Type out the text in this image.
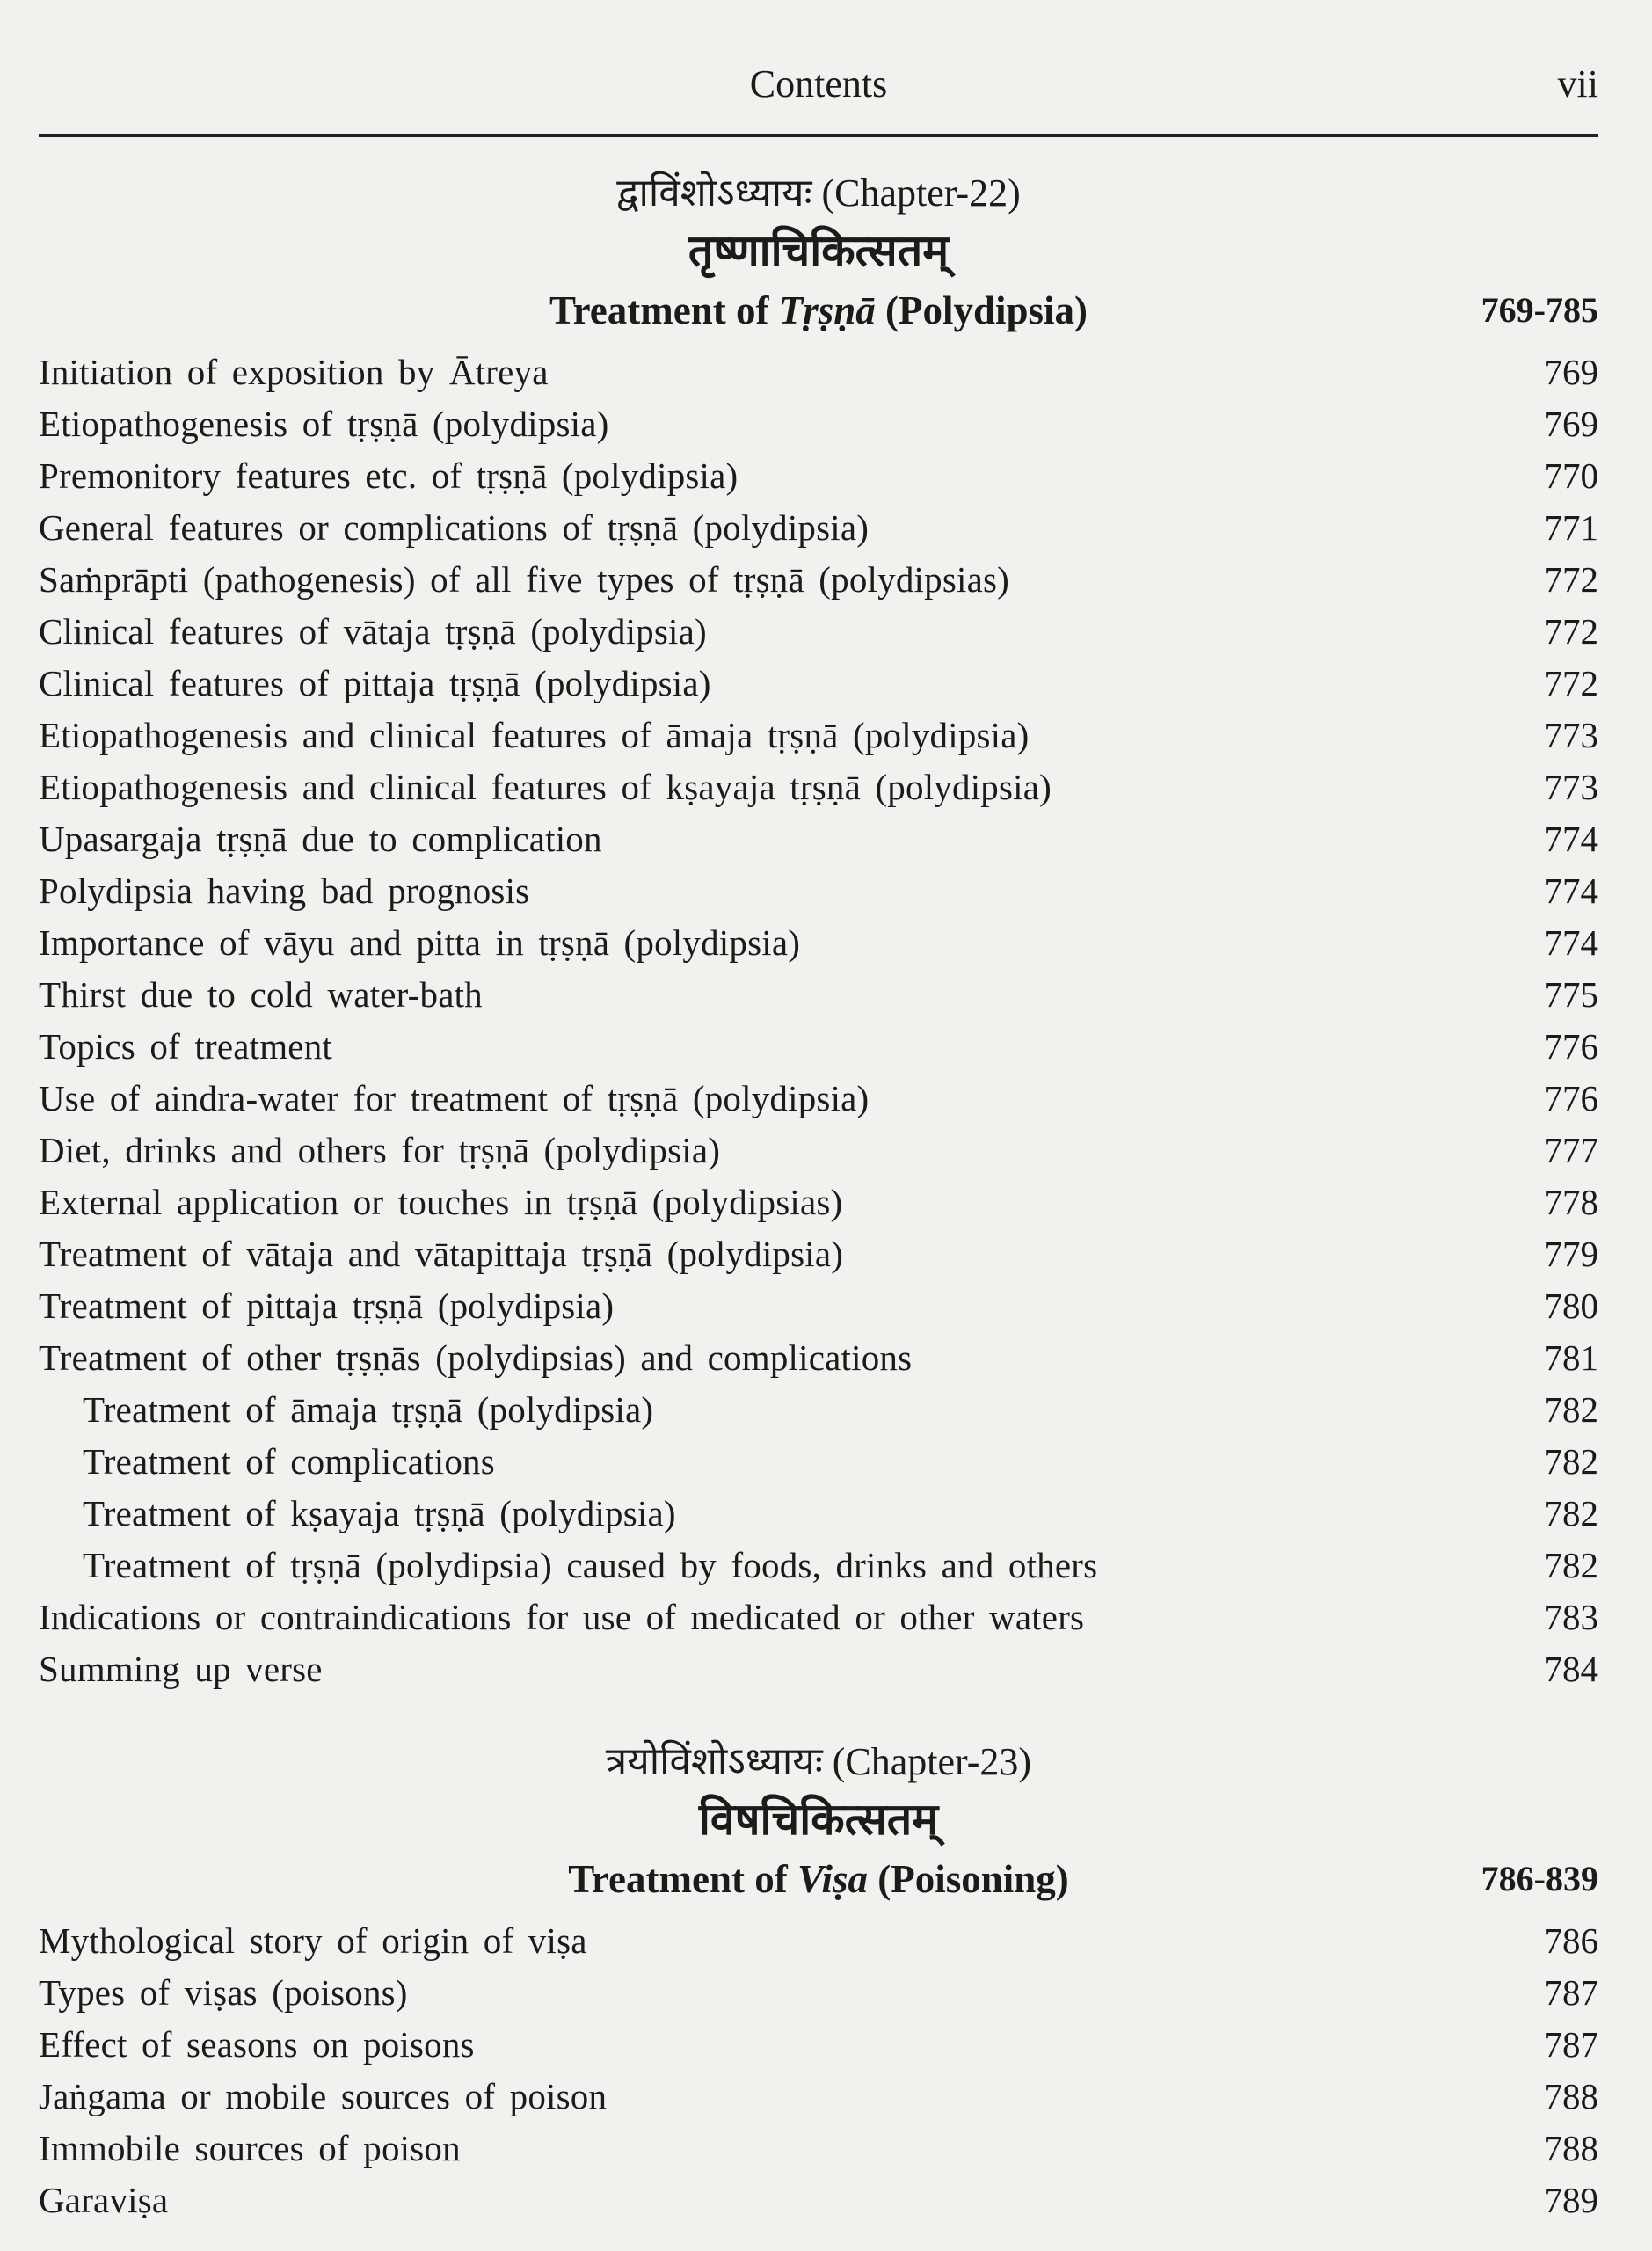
Contents	vii
द्वाविंशोऽध्यायः (Chapter-22)
तृष्णाचिकित्सतम्
Treatment of Tṛṣṇā (Polydipsia)	769-785
Initiation of exposition by Ātreya	769
Etiopathogenesis of tṛṣṇā (polydipsia)	769
Premonitory features etc. of tṛṣṇā (polydipsia)	770
General features or complications of tṛṣṇā (polydipsia)	771
Saṁprāpti (pathogenesis) of all five types of tṛṣṇā (polydipsias)	772
Clinical features of vātaja tṛṣṇā (polydipsia)	772
Clinical features of pittaja tṛṣṇā (polydipsia)	772
Etiopathogenesis and clinical features of āmaja tṛṣṇā (polydipsia)	773
Etiopathogenesis and clinical features of kṣayaja tṛṣṇā (polydipsia)	773
Upasargaja tṛṣṇā due to complication	774
Polydipsia having bad prognosis	774
Importance of vāyu and pitta in tṛṣṇā (polydipsia)	774
Thirst due to cold water-bath	775
Topics of treatment	776
Use of aindra-water for treatment of tṛṣṇā (polydipsia)	776
Diet, drinks and others for tṛṣṇā (polydipsia)	777
External application or touches in tṛṣṇā (polydipsias)	778
Treatment of vātaja and vātapittaja tṛṣṇā (polydipsia)	779
Treatment of pittaja tṛṣṇā (polydipsia)	780
Treatment of other tṛṣṇās (polydipsias) and complications	781
Treatment of āmaja tṛṣṇā (polydipsia)	782
Treatment of complications	782
Treatment of kṣayaja tṛṣṇā (polydipsia)	782
Treatment of tṛṣṇā (polydipsia) caused by foods, drinks and others	782
Indications or contraindications for use of medicated or other waters	783
Summing up verse	784
त्रयोविंशोऽध्यायः (Chapter-23)
विषचिकित्सतम्
Treatment of Viṣa (Poisoning)	786-839
Mythological story of origin of viṣa	786
Types of viṣas (poisons)	787
Effect of seasons on poisons	787
Jaṅgama or mobile sources of poison	788
Immobile sources of poison	788
Garaviṣa	789
